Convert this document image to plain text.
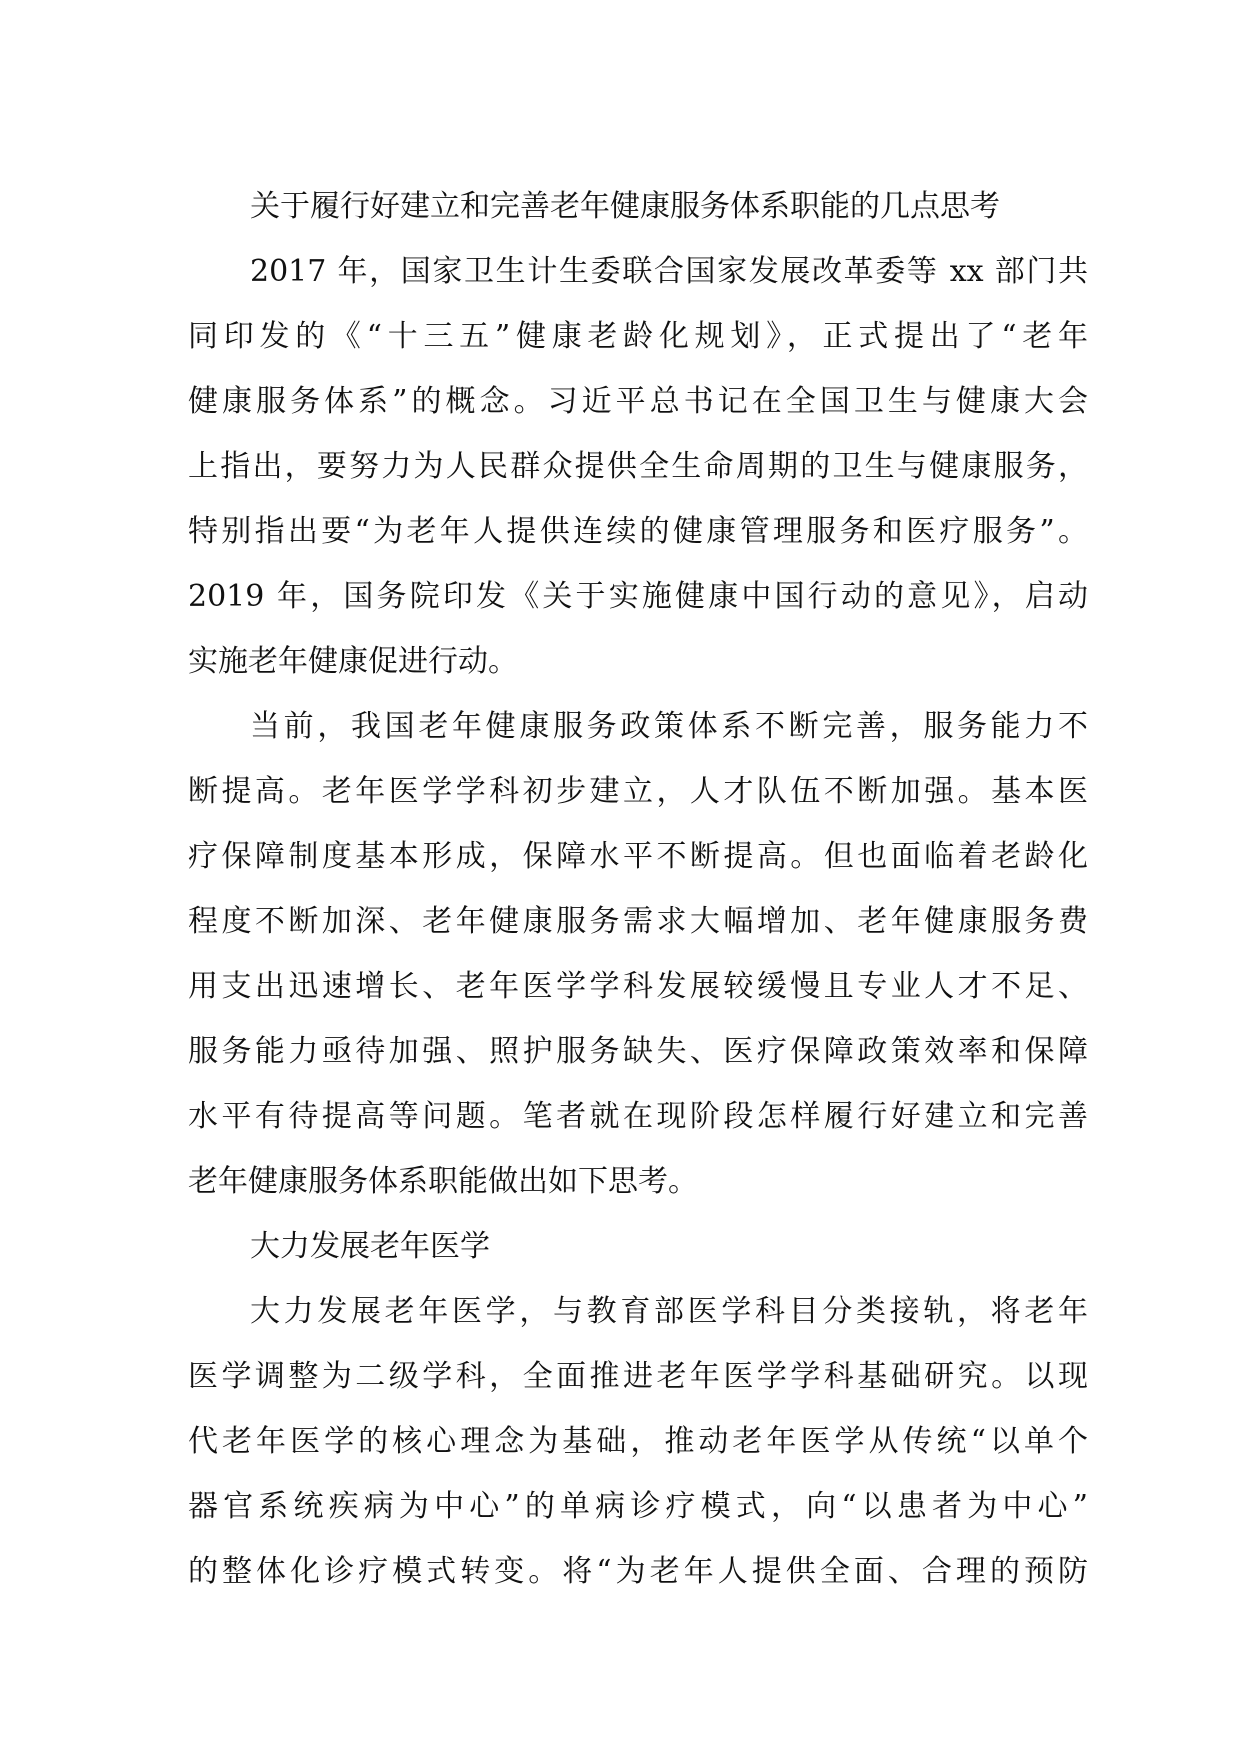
关于履行好建立和完善老年健康服务体系职能的几点思考
2017 年，国家卫生计生委联合国家发展改革委等 xx 部门共
同印发的《“十三五”健康老龄化规划》，正式提出了“老年
健康服务体系”的概念。习近平总书记在全国卫生与健康大会
上指出，要努力为人民群众提供全生命周期的卫生与健康服务，
特别指出要“为老年人提供连续的健康管理服务和医疗服务”。
2019 年，国务院印发《关于实施健康中国行动的意见》，启动
实施老年健康促进行动。
当前，我国老年健康服务政策体系不断完善，服务能力不
断提高。老年医学学科初步建立，人才队伍不断加强。基本医
疗保障制度基本形成，保障水平不断提高。但也面临着老龄化
程度不断加深、老年健康服务需求大幅增加、老年健康服务费
用支出迅速增长、老年医学学科发展较缓慢且专业人才不足、
服务能力亟待加强、照护服务缺失、医疗保障政策效率和保障
水平有待提高等问题。笔者就在现阶段怎样履行好建立和完善
老年健康服务体系职能做出如下思考。
大力发展老年医学
大力发展老年医学，与教育部医学科目分类接轨，将老年
医学调整为二级学科，全面推进老年医学学科基础研究。以现
代老年医学的核心理念为基础，推动老年医学从传统“以单个
器官系统疾病为中心”的单病诊疗模式，向“以患者为中心”
的整体化诊疗模式转变。将“为老年人提供全面、合理的预防
